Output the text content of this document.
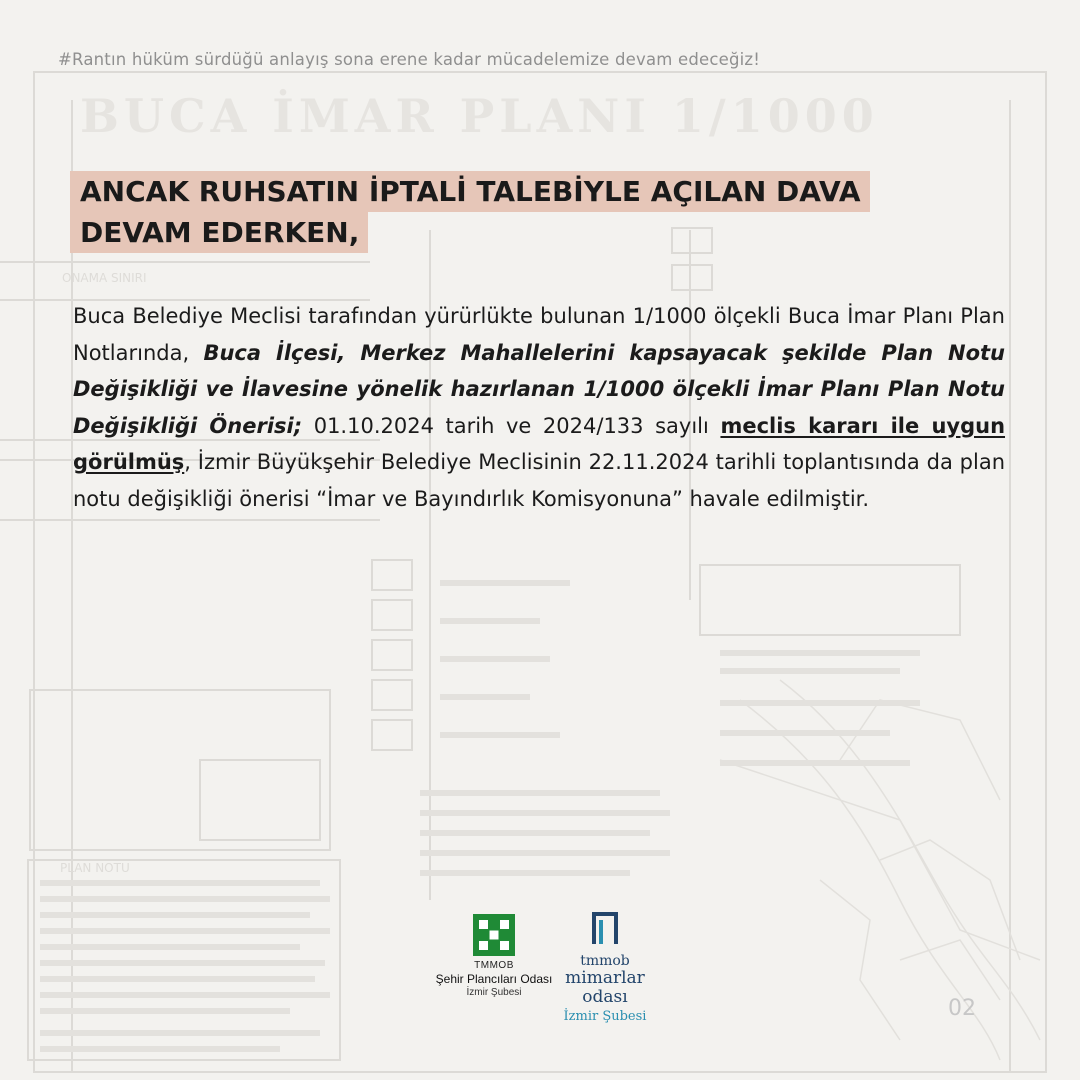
BUCA İMAR PLANI 1/1000
ONAMA SINIRI
PLAN NOTU
#Rantın hüküm sürdüğü anlayış sona erene kadar mücadelemize devam edeceğiz!
ANCAK RUHSATIN İPTALİ TALEBİYLE AÇILAN DAVA
DEVAM EDERKEN,
Buca Belediye Meclisi tarafından yürürlükte bulunan 1/1000 ölçekli Buca İmar Planı Plan Notlarında, Buca İlçesi, Merkez Mahallelerini kapsayacak şekilde Plan Notu Değişikliği ve İlavesine yönelik hazırlanan 1/1000 ölçekli İmar Planı Plan Notu Değişikliği Önerisi; 01.10.2024 tarih ve 2024/133 sayılı meclis kararı ile uygun görülmüş, İzmir Büyükşehir Belediye Meclisinin 22.11.2024 tarihli toplantısında da plan notu değişikliği önerisi “İmar ve Bayındırlık Komisyonuna” havale edilmiştir.
TMMOB
Şehir Plancıları Odası
İzmir Şubesi
tmmob
mimarlar
odası
İzmir Şubesi	02
